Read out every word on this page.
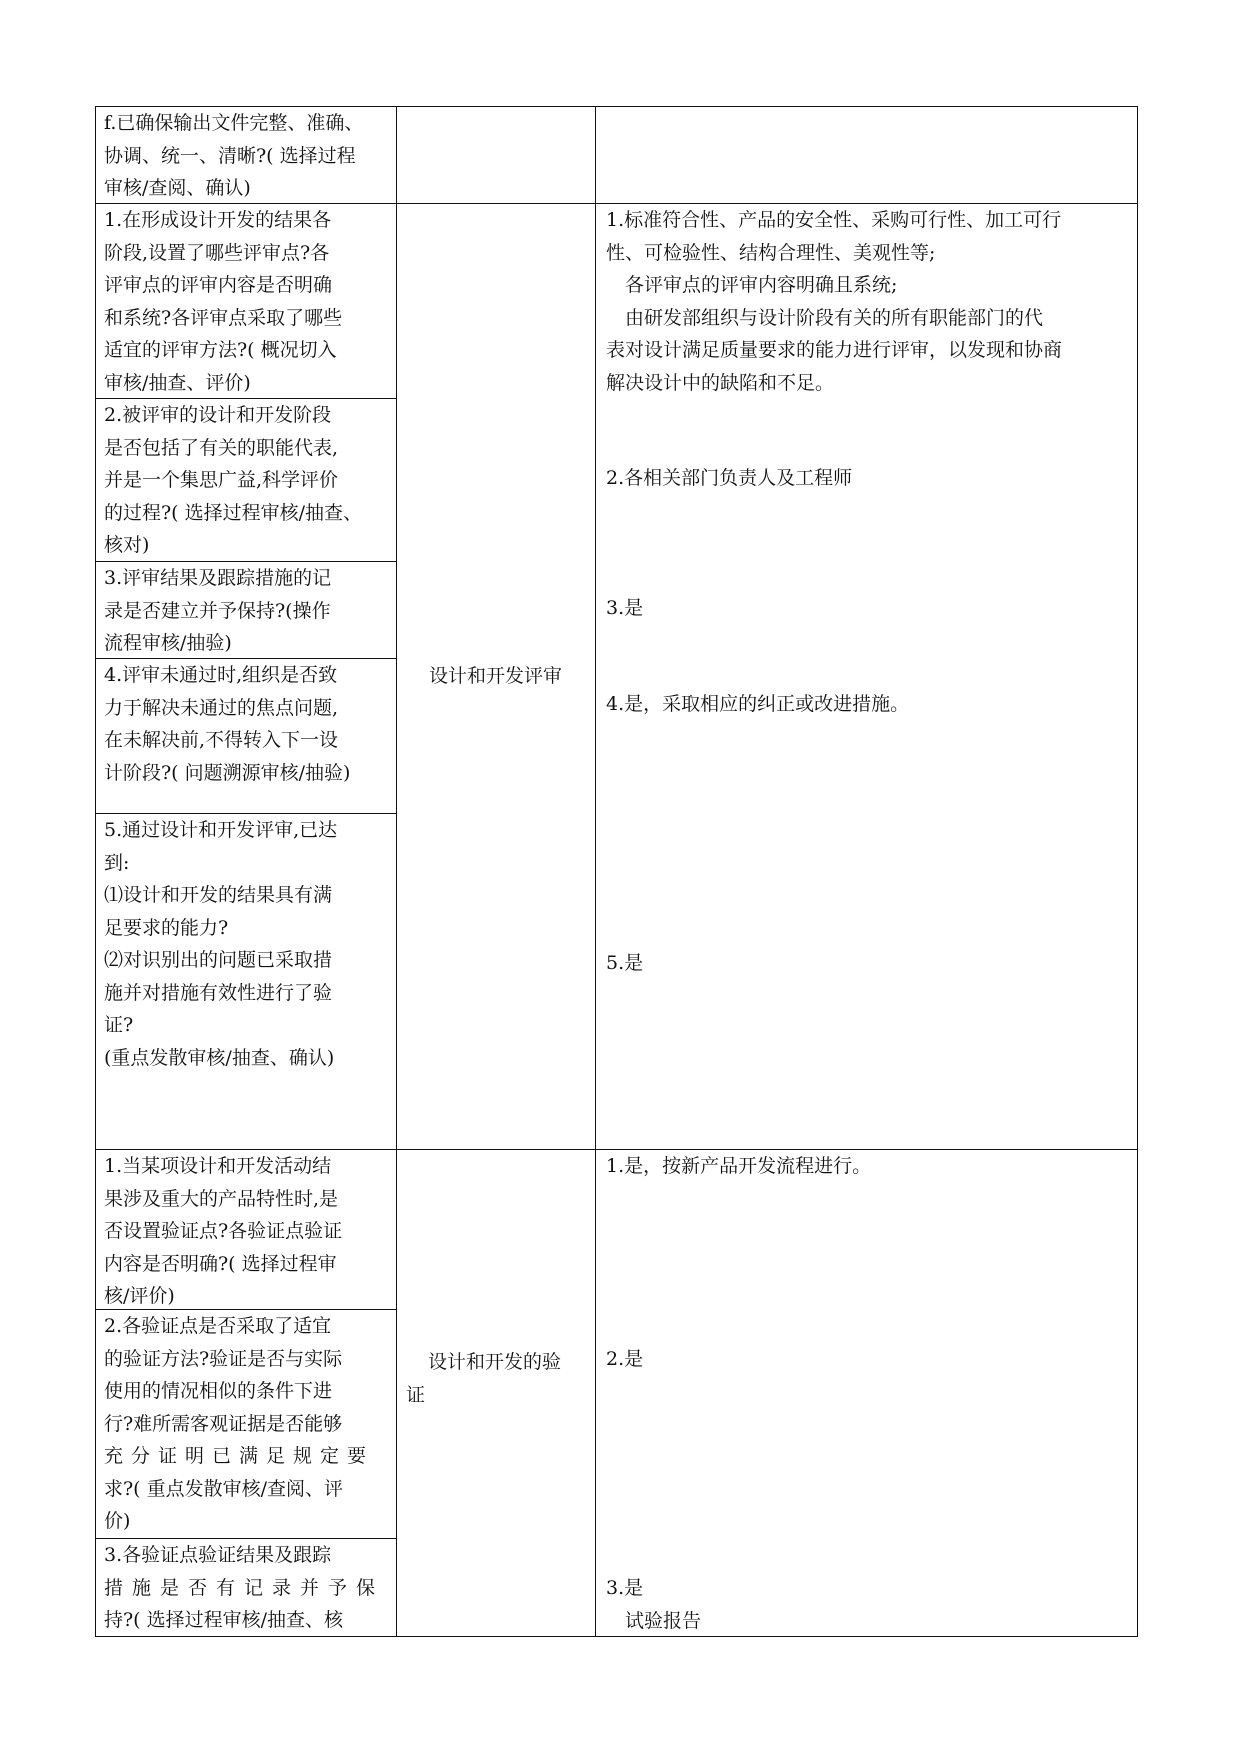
f.已确保输出文件完整、准确、
协调、统一、清晰?( 选择过程
审核/查阅、确认)
1.在形成设计开发的结果各
阶段,设置了哪些评审点?各
评审点的评审内容是否明确
和系统?各评审点采取了哪些
适宜的评审方法?( 概况切入
审核/抽查、评价)
2.被评审的设计和开发阶段
是否包括了有关的职能代表,
并是一个集思广益,科学评价
的过程?( 选择过程审核/抽查、
核对)
3.评审结果及跟踪措施的记
录是否建立并予保持?(操作
流程审核/抽验)
4.评审未通过时,组织是否致
力于解决未通过的焦点问题,
在未解决前,不得转入下一设
计阶段?( 问题溯源审核/抽验)
5.通过设计和开发评审,已达
到:
⑴设计和开发的结果具有满
足要求的能力?
⑵对识别出的问题已采取措
施并对措施有效性进行了验
证?
(重点发散审核/抽查、确认)
设计和开发评审
1.标准符合性、产品的安全性、采购可行性、加工可行
性、可检验性、结构合理性、美观性等;
　各评审点的评审内容明确且系统;
　由研发部组织与设计阶段有关的所有职能部门的代
表对设计满足质量要求的能力进行评审，以发现和协商
解决设计中的缺陷和不足。
2.各相关部门负责人及工程师
3.是
4.是，采取相应的纠正或改进措施。
5.是
1.当某项设计和开发活动结
果涉及重大的产品特性时,是
否设置验证点?各验证点验证
内容是否明确?( 选择过程审
核/评价)
2.各验证点是否采取了适宜
的验证方法?验证是否与实际
使用的情况相似的条件下进
行?难所需客观证据是否能够
充分证明已满足规定要
求?( 重点发散审核/查阅、评
价)
3.各验证点验证结果及跟踪
措施是否有记录并予保
持?( 选择过程审核/抽查、核
设计和开发的验
证
1.是，按新产品开发流程进行。
2.是
3.是
　试验报告
